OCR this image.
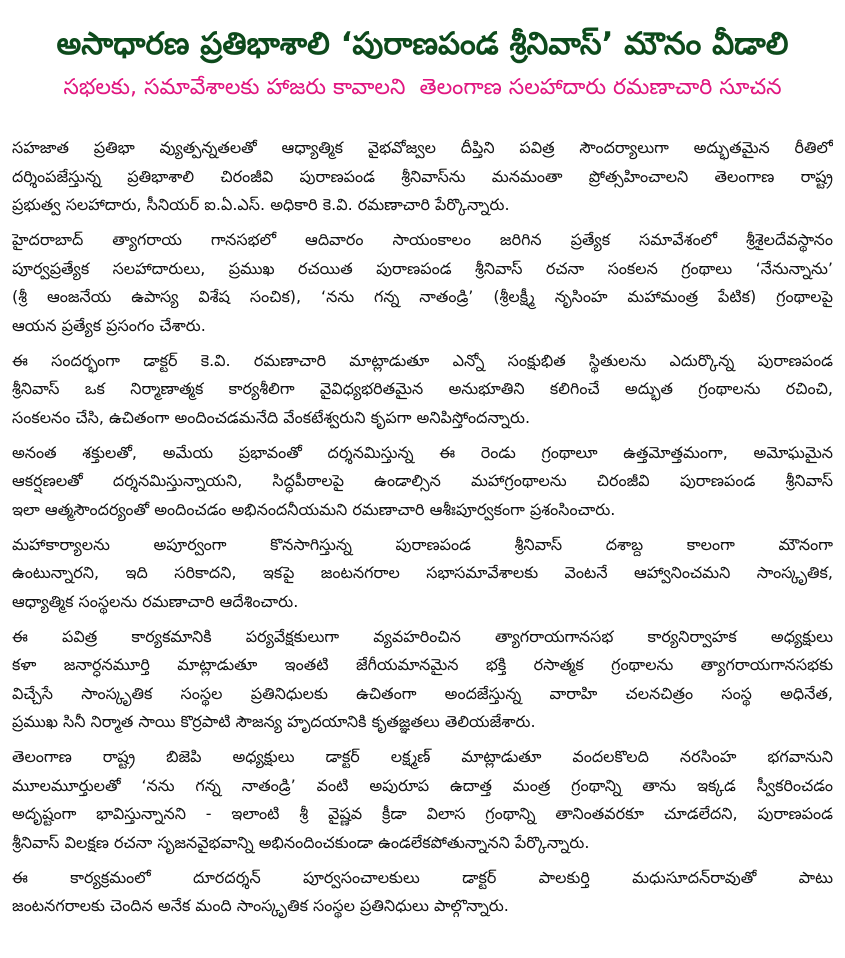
అసాధారణ ప్రతిభాశాలి ‘పురాణపండ శ్రీనివాస్’ మౌనం వీడాలి
సభలకు, సమావేశాలకు హాజరు కావాలని  తెలంగాణ సలహాదారు రమణాచారి సూచన
సహజాత ప్రతిభా వ్యుత్పన్నతలతో ఆధ్యాత్మిక వైభవోజ్వల దీప్తిని పవిత్ర సౌందర్యాలుగా అద్భుతమైన రీతిలో
దర్శింపజేస్తున్న ప్రతిభాశాలి చిరంజీవి పురాణపండ శ్రీనివాస్‌ను మనమంతా ప్రోత్సహించాలని తెలంగాణ రాష్ట్ర
ప్రభుత్వ సలహాదారు, సీనియర్ ఐ.ఏ.ఎస్. అధికారి కె.వి. రమణాచారి పేర్కొన్నారు.
హైదరాబాద్ త్యాగరాయ గానసభలో ఆదివారం సాయంకాలం జరిగిన ప్రత్యేక సమావేశంలో శ్రీశైలదేవస్థానం
పూర్వప్రత్యేక సలహాదారులు, ప్రముఖ రచయిత పురాణపండ శ్రీనివాస్ రచనా సంకలన గ్రంథాలు ‘నేనున్నాను’
(శ్రీ ఆంజనేయ ఉపాస్య విశేష సంచిక), ‘నను గన్న నాతండ్రి’ (శ్రీలక్ష్మీ నృసింహ మహామంత్ర పేటిక) గ్రంథాలపై
ఆయన ప్రత్యేక ప్రసంగం చేశారు.
ఈ సందర్భంగా డాక్టర్ కె.వి. రమణాచారి మాట్లాడుతూ ఎన్నో సంక్షుభిత స్థితులను ఎదుర్కొన్న పురాణపండ
శ్రీనివాస్ ఒక నిర్మాణాత్మక కార్యశీలిగా వైవిధ్యభరితమైన అనుభూతిని కలిగించే అద్భుత గ్రంథాలను రచించి,
సంకలనం చేసి, ఉచితంగా అందించడమనేది వేంకటేశ్వరుని కృపగా అనిపిస్తోందన్నారు.
అనంత శక్తులతో, అమేయ ప్రభావంతో దర్శనమిస్తున్న ఈ రెండు గ్రంథాలూ ఉత్తమోత్తమంగా, అమోఘమైన
ఆకర్షణలతో దర్శనమిస్తున్నాయని, సిద్ధపీఠాలపై ఉండాల్సిన మహాగ్రంథాలను చిరంజీవి పురాణపండ శ్రీనివాస్
ఇలా ఆత్మసౌందర్యంతో అందించడం అభినందనీయమని రమణాచారి ఆశీఃపూర్వకంగా ప్రశంసించారు.
మహాకార్యాలను అపూర్వంగా కొనసాగిస్తున్న పురాణపండ శ్రీనివాస్ దశాబ్ద కాలంగా మౌనంగా
ఉంటున్నారని, ఇది సరికాదని, ఇకపై జంటనగరాల సభాసమావేశాలకు వెంటనే ఆహ్వానించమని సాంస్కృతిక,
ఆధ్యాత్మిక సంస్థలను రమణాచారి ఆదేశించారు.
ఈ పవిత్ర కార్యకమానికి పర్యవేక్షకులుగా వ్యవహరించిన త్యాగరాయగానసభ కార్యనిర్వాహక అధ్యక్షులు
కళా జనార్ధనమూర్తి మాట్లాడుతూ ఇంతటి జేగీయమానమైన భక్తి రసాత్మక గ్రంథాలను త్యాగరాయగానసభకు
విచ్చేసే సాంస్కృతిక సంస్థల ప్రతినిధులకు ఉచితంగా అందజేస్తున్న వారాహి చలనచిత్రం సంస్థ అధినేత,
ప్రముఖ సినీ నిర్మాత సాయి కొర్రపాటి సౌజన్య హృదయానికి కృతజ్ఞతలు తెలియజేశారు.
తెలంగాణ రాష్ట్ర బిజెపి అధ్యక్షులు డాక్టర్ లక్ష్మణ్ మాట్లాడుతూ వందలకొలది నరసింహ భగవానుని
మూలమూర్తులతో ‘నను గన్న నాతండ్రి’ వంటి అపురూప ఉదాత్త మంత్ర గ్రంథాన్ని తాను ఇక్కడ స్వీకరించడం
అదృష్టంగా భావిస్తున్నానని - ఇలాంటి శ్రీ వైష్ణవ క్రీడా విలాస గ్రంథాన్ని తానింతవరకూ చూడలేదని, పురాణపండ
శ్రీనివాస్ విలక్షణ రచనా సృజనవైభవాన్ని అభినందించకుండా ఉండలేకపోతున్నానని పేర్కొన్నారు.
ఈ కార్యక్రమంలో దూరదర్శన్ పూర్వసంచాలకులు డాక్టర్ పాలకుర్తి మధుసూదన్‌రావుతో పాటు
జంటనగరాలకు చెందిన అనేక మంది సాంస్కృతిక సంస్థల ప్రతినిధులు పాల్గొన్నారు.
